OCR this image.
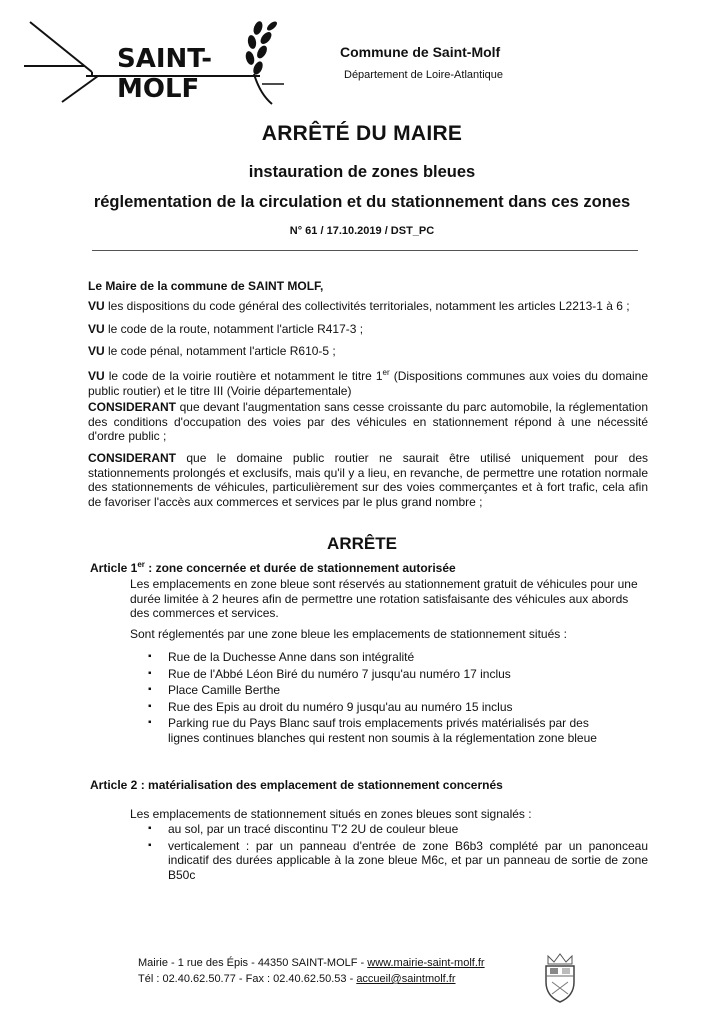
SAINT-MOLF
Commune de Saint-Molf
Département de Loire-Atlantique
ARRÊTÉ DU MAIRE
instauration de zones bleues
réglementation de la circulation et du stationnement dans ces zones
N° 61 / 17.10.2019 / DST_PC

Le Maire de la commune de SAINT MOLF,

VU les dispositions du code général des collectivités territoriales, notamment les articles L2213-1 à 6 ;

VU le code de la route, notamment l'article R417-3 ;

VU le code pénal, notamment l'article R610-5 ;

VU le code de la voirie routière et notamment le titre 1er (Dispositions communes aux voies du domaine public routier) et le titre III (Voirie départementale)

CONSIDERANT que devant l'augmentation sans cesse croissante du parc automobile, la réglementation des conditions d'occupation des voies par des véhicules en stationnement répond à une nécessité d'ordre public ;

CONSIDERANT que le domaine public routier ne saurait être utilisé uniquement pour des stationnements prolongés et exclusifs, mais qu'il y a lieu, en revanche, de permettre une rotation normale des stationnements de véhicules, particulièrement sur des voies commerçantes et à fort trafic, cela afin de favoriser l'accès aux commerces et services par le plus grand nombre ;

ARRÊTE
Article 1er : zone concernée et durée de stationnement autorisée

Les emplacements en zone bleue sont réservés au stationnement gratuit de véhicules pour une durée limitée à 2 heures afin de permettre une rotation satisfaisante des véhicules aux abords des commerces et services.

Sont réglementés par une zone bleue les emplacements de stationnement situés :

▪ Rue de la Duchesse Anne dans son intégralité
▪ Rue de l'Abbé Léon Biré du numéro 7 jusqu'au numéro 17 inclus
▪ Place Camille Berthe
▪ Rue des Epis au droit du numéro 9 jusqu'au au numéro 15 inclus
▪ Parking rue du Pays Blanc sauf trois emplacements privés matérialisés par des lignes continues blanches qui restent non soumis à la réglementation zone bleue
Article 2 : matérialisation des emplacement de stationnement concernés

Les emplacements de stationnement situés en zones bleues sont signalés :

▪ au sol, par un tracé discontinu T'2 2U de couleur bleue
▪ verticalement : par un panneau d'entrée de zone B6b3 complété par un panonceau indicatif des durées applicable à la zone bleue M6c, et par un panneau de sortie de zone B50c
Mairie - 1 rue des Épis - 44350 SAINT-MOLF - www.mairie-saint-molf.fr
Tél : 02.40.62.50.77 - Fax : 02.40.62.50.53 - accueil@saintmolf.fr
